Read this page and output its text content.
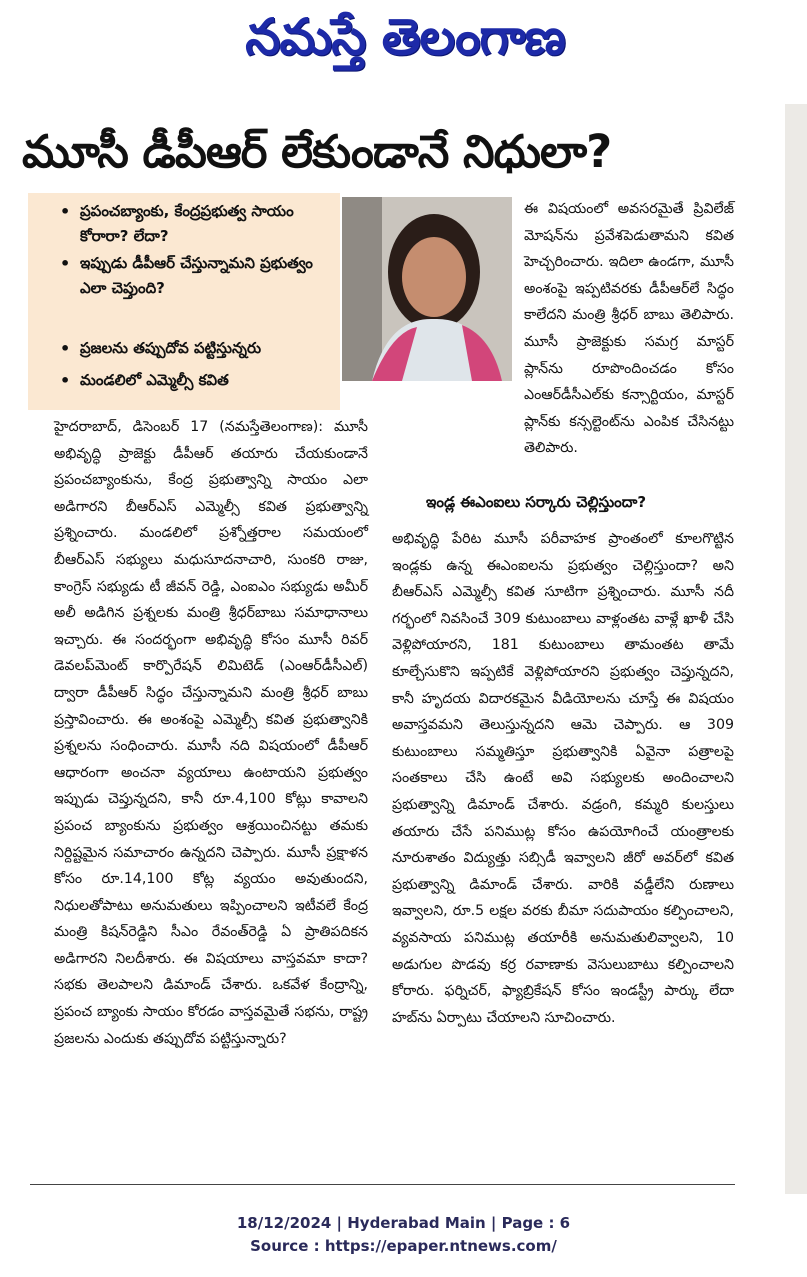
నమస్తే తెలంగాణ
మూసీ డీపీఆర్ లేకుండానే నిధులా?
• ప్రపంచబ్యాంకు, కేంద్రప్రభుత్వ సాయం కోరారా? లేదా?
• ఇప్పుడు డీపీఆర్ చేస్తున్నామని ప్రభుత్వం ఎలా చెప్తుంది?
• ప్రజలను తప్పుదోవ పట్టిస్తున్నరు
• మండలిలో ఎమ్మెల్సీ కవిత
ఈ విషయంలో అవసరమైతే ప్రివిలేజ్ మోషన్‌ను ప్రవేశపెడుతామని కవిత హెచ్చరించారు. ఇదిలా ఉండగా, మూసీ అంశంపై ఇప్పటివరకు డీపీఆర్‌లే సిద్ధం కాలేదని మంత్రి శ్రీధర్ బాబు తెలిపారు. మూసీ ప్రాజెక్టుకు సమగ్ర మాస్టర్ ప్లాన్‌ను రూపొందించడం కోసం ఎంఆర్‌డీసీఎల్‌కు కన్సార్టియం, మాస్టర్ ప్లాన్‌కు కన్సల్టెంట్‌ను ఎంపిక చేసినట్టు తెలిపారు.
ఇండ్ల ఈఎంఐలు సర్కారు చెల్లిస్తుందా?
హైదరాబాద్, డిసెంబర్ 17 (నమస్తేతెలంగాణ): మూసీ అభివృద్ధి ప్రాజెక్టు డీపీఆర్ తయారు చేయకుండానే ప్రపంచబ్యాంకును, కేంద్ర ప్రభుత్వాన్ని సాయం ఎలా అడిగారని బీఆర్‌ఎస్ ఎమ్మెల్సీ కవిత ప్రభుత్వాన్ని ప్రశ్నించారు. మండలిలో ప్రశ్నోత్తరాల సమయంలో బీఆర్‌ఎస్ సభ్యులు మధుసూదనాచారి, సుంకరి రాజు, కాంగ్రెస్ సభ్యుడు టీ జీవన్ రెడ్డి, ఎంఐఎం సభ్యుడు అమీర్ అలీ అడిగిన ప్రశ్నలకు మంత్రి శ్రీధర్‌బాబు సమాధానాలు ఇచ్చారు. ఈ సందర్భంగా అభివృద్ధి కోసం మూసీ రివర్ డెవలప్‌మెంట్ కార్పొరేషన్ లిమిటెడ్ (ఎంఆర్‌డీసీఎల్) ద్వారా డీపీఆర్ సిద్ధం చేస్తున్నామని మంత్రి శ్రీధర్ బాబు ప్రస్తావించారు. ఈ అంశంపై ఎమ్మెల్సీ కవిత ప్రభుత్వానికి ప్రశ్నలను సంధించారు. మూసీ నది విషయంలో డీపీఆర్ ఆధారంగా అంచనా వ్యయాలు ఉంటాయని ప్రభుత్వం ఇప్పుడు చెప్తున్నదని, కానీ రూ.4,100 కోట్లు కావాలని ప్రపంచ బ్యాంకును ప్రభుత్వం ఆశ్రయించినట్టు తమకు నిర్దిష్టమైన సమాచారం ఉన్నదని చెప్పారు. మూసీ ప్రక్షాళన కోసం రూ.14,100 కోట్ల వ్యయం అవుతుందని, నిధులతోపాటు అనుమతులు ఇప్పించాలని ఇటీవలే కేంద్ర మంత్రి కిషన్‌రెడ్డిని సీఎం రేవంత్‌రెడ్డి ఏ ప్రాతిపదికన అడిగారని నిలదీశారు. ఈ విషయాలు వాస్తవమా కాదా? సభకు తెలపాలని డిమాండ్ చేశారు. ఒకవేళ కేంద్రాన్ని, ప్రపంచ బ్యాంకు సాయం కోరడం వాస్తవమైతే సభను, రాష్ట్ర ప్రజలను ఎందుకు తప్పుదోవ పట్టిస్తున్నారు?
అభివృద్ధి పేరిట మూసీ పరీవాహక ప్రాంతంలో కూలగొట్టిన ఇండ్లకు ఉన్న ఈఎంఐలను ప్రభుత్వం చెల్లిస్తుందా? అని బీఆర్‌ఎస్ ఎమ్మెల్సీ కవిత సూటిగా ప్రశ్నించారు. మూసీ నదీ గర్భంలో నివసించే 309 కుటుంబాలు వాళ్లంతట వాళ్లే ఖాళీ చేసి వెళ్లిపోయారని, 181 కుటుంబాలు తామంతట తామే కూల్చేసుకొని ఇప్పటికే వెళ్లిపోయారని ప్రభుత్వం చెప్తున్నదని, కానీ హృదయ విదారకమైన వీడియోలను చూస్తే ఈ విషయం అవాస్తవమని తెలుస్తున్నదని ఆమె చెప్పారు. ఆ 309 కుటుంబాలు సమ్మతిస్తూ ప్రభుత్వానికి ఏవైనా పత్రాలపై సంతకాలు చేసి ఉంటే అవి సభ్యులకు అందించాలని ప్రభుత్వాన్ని డిమాండ్ చేశారు. వడ్రంగి, కమ్మరి కులస్తులు తయారు చేసే పనిముట్ల కోసం ఉపయోగించే యంత్రాలకు నూరుశాతం విద్యుత్తు సబ్సిడీ ఇవ్వాలని జీరో అవర్‌లో కవిత ప్రభుత్వాన్ని డిమాండ్ చేశారు. వారికి వడ్డీలేని రుణాలు ఇవ్వాలని, రూ.5 లక్షల వరకు బీమా సదుపాయం కల్పించాలని, వ్యవసాయ పనిముట్ల తయారీకి అనుమతులివ్వాలని, 10 అడుగుల పొడవు కర్ర రవాణాకు వెసులుబాటు కల్పించాలని కోరారు. ఫర్నిచర్, ఫ్యాబ్రికేషన్ కోసం ఇండస్ట్రీ పార్కు లేదా హబ్‌ను ఏర్పాటు చేయాలని సూచించారు.
18/12/2024 | Hyderabad Main | Page : 6
Source : https://epaper.ntnews.com/
